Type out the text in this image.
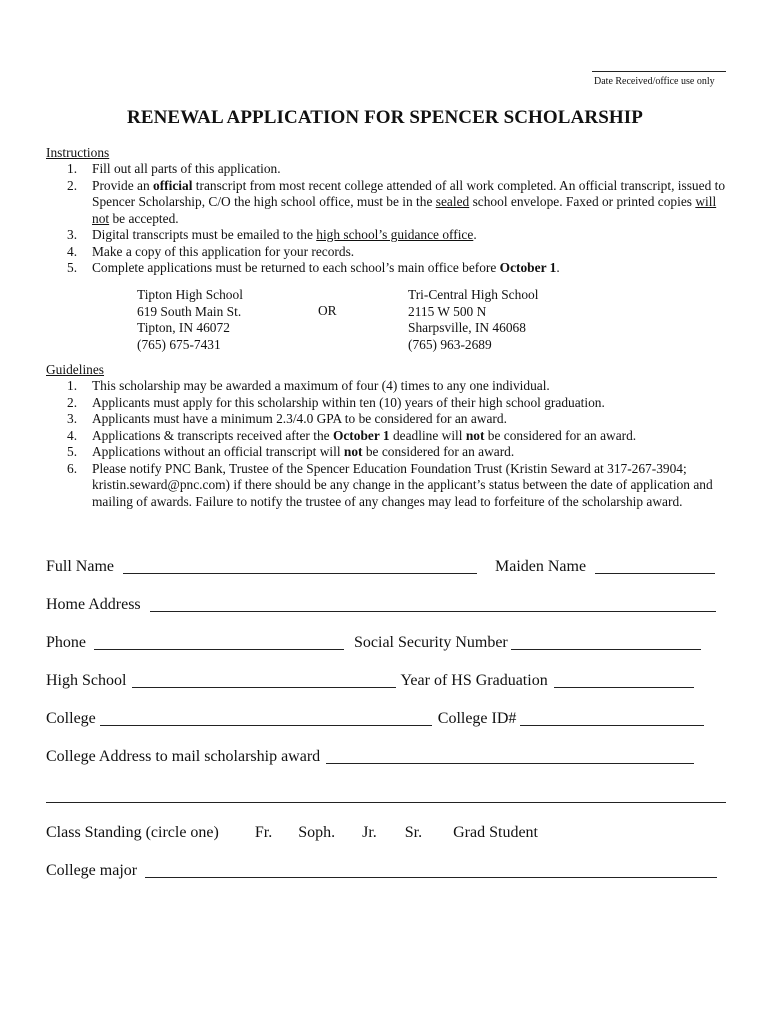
Date Received/office use only
RENEWAL APPLICATION FOR SPENCER SCHOLARSHIP
Instructions
1. Fill out all parts of this application.
2. Provide an official transcript from most recent college attended of all work completed. An official transcript, issued to Spencer Scholarship, C/O the high school office, must be in the sealed school envelope. Faxed or printed copies will not be accepted.
3. Digital transcripts must be emailed to the high school’s guidance office.
4. Make a copy of this application for your records.
5. Complete applications must be returned to each school’s main office before October 1.
Tipton High School
619 South Main St.
Tipton, IN 46072
(765) 675-7431
OR
Tri-Central High School
2115 W 500 N
Sharpsville, IN 46068
(765) 963-2689
Guidelines
1. This scholarship may be awarded a maximum of four (4) times to any one individual.
2. Applicants must apply for this scholarship within ten (10) years of their high school graduation.
3. Applicants must have a minimum 2.3/4.0 GPA to be considered for an award.
4. Applications & transcripts received after the October 1 deadline will not be considered for an award.
5. Applications without an official transcript will not be considered for an award.
6. Please notify PNC Bank, Trustee of the Spencer Education Foundation Trust (Kristin Seward at 317-267-3904; kristin.seward@pnc.com) if there should be any change in the applicant’s status between the date of application and mailing of awards. Failure to notify the trustee of any changes may lead to forfeiture of the scholarship award.
Full Name	Maiden Name
Home Address
Phone	Social Security Number
High School	Year of HS Graduation
College	College ID#
College Address to mail scholarship award
Class Standing (circle one) Fr. Soph. Jr. Sr. Grad Student
College major
